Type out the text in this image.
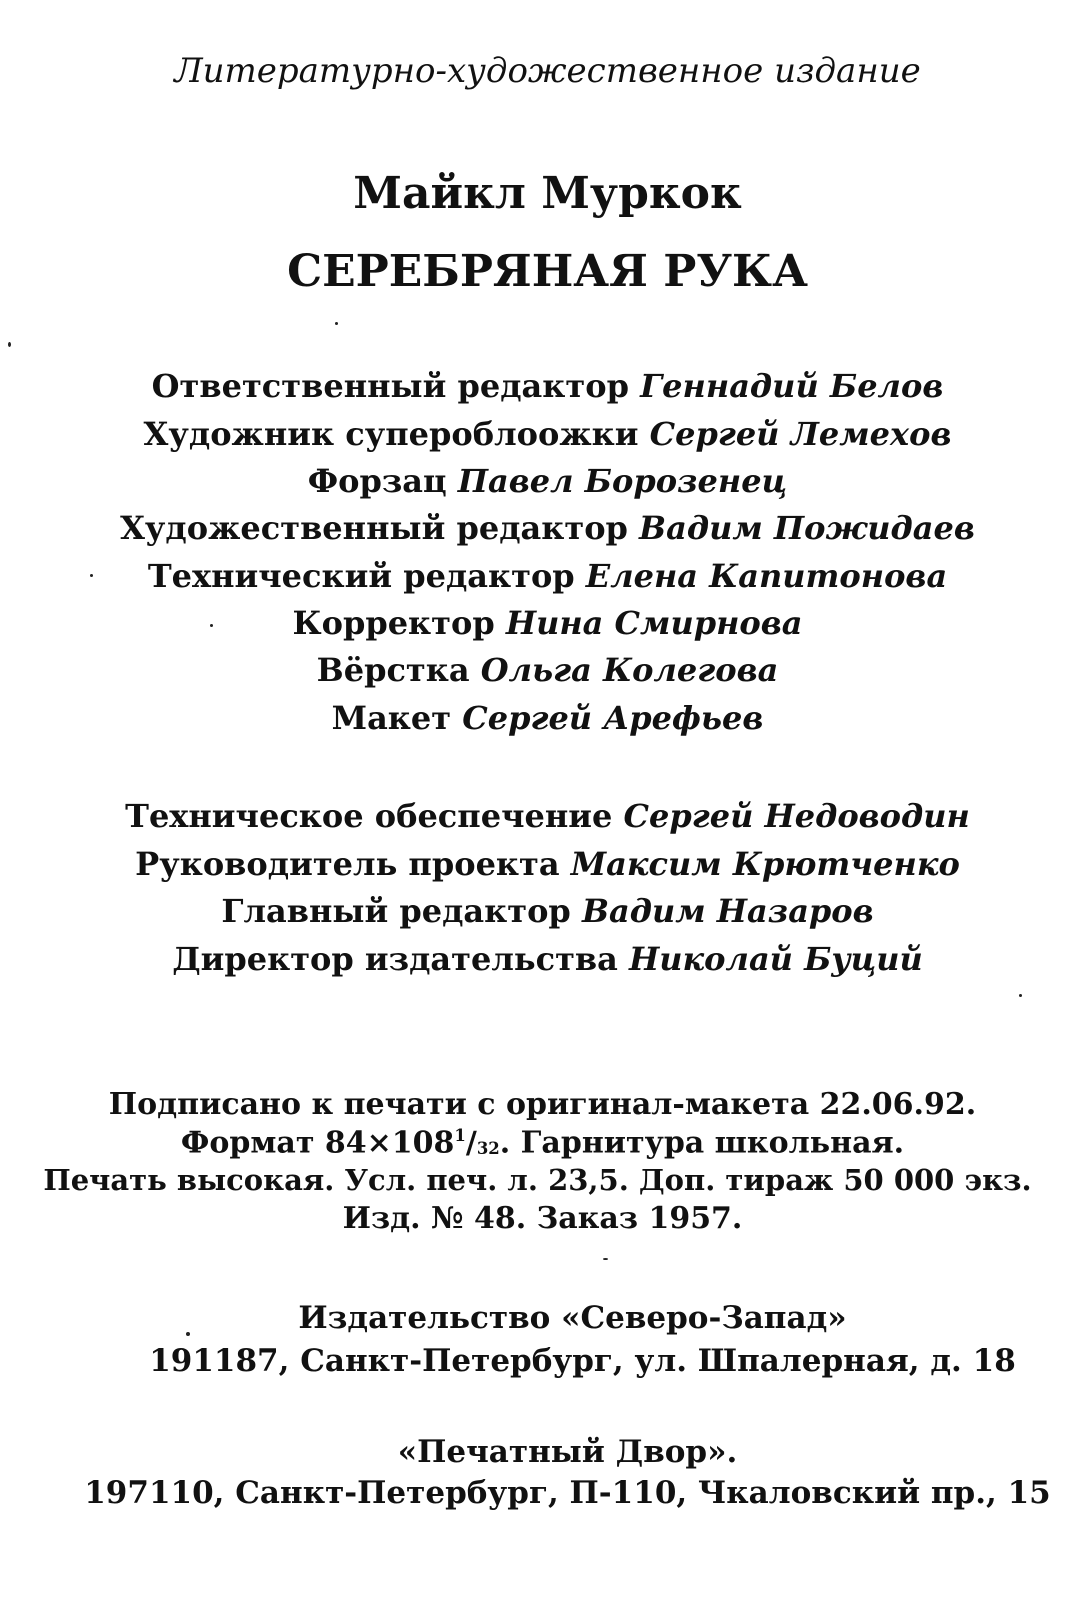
Литературно-художественное издание
Майкл Муркок
СЕРЕБРЯНАЯ РУКА
Ответственный редактор Геннадий Белов
Художник супероблоожки Сергей Лемехов
Форзац Павел Борозенец
Художественный редактор Вадим Пожидаев
Технический редактор Елена Капитонова
Корректор Нина Смирнова
Вёрстка Ольга Колегова
Макет Сергей Арефьев
Техническое обеспечение Сергей Недоводин
Руководитель проекта Максим Крютченко
Главный редактор Вадим Назаров
Директор издательства Николай Буций
Подписано к печати с оригинал-макета 22.06.92.
Формат $84\times 108^1/_{32}$. Гарнитура школьная.
Печать высокая. Усл. печ. л. 23,5. Доп. тираж 50 000 экз.
Изд. № 48. Заказ 1957.
Издательство «Северо-Запад»
191187, Санкт-Петербург, ул. Шпалерная, д. 18
«Печатный Двор».
197110, Санкт-Петербург, П-110, Чкаловский пр., 15
